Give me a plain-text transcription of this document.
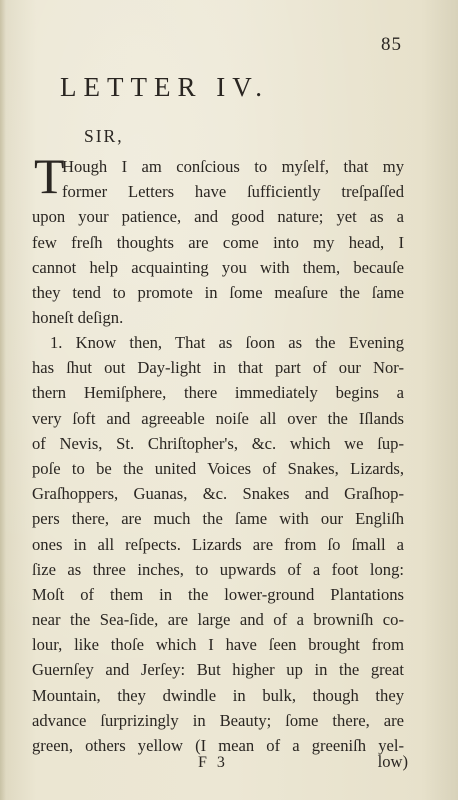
85
LETTER IV.
SIR,
T
Hough I am conſcious to myſelf, that my
former Letters have ſufficiently treſpaſſed
upon your patience, and good nature; yet as a
few freſh thoughts are come into my head, I
cannot help acquainting you with them, becauſe
they tend to promote in ſome meaſure the ſame
honeſt deſign.
1. Know then, That as ſoon as the Evening
has ſhut out Day-light in that part of our Nor-
thern Hemiſphere, there immediately begins a
very ſoft and agreeable noiſe all over the Iſlands
of Nevis, St. Chriſtopher's, &c. which we ſup-
poſe to be the united Voices of Snakes, Lizards,
Graſhoppers, Guanas, &c. Snakes and Graſhop-
pers there, are much the ſame with our Engliſh
ones in all reſpects. Lizards are from ſo ſmall a
ſize as three inches, to upwards of a foot long:
Moſt of them in the lower-ground Plantations
near the Sea-ſide, are large and of a browniſh co-
lour, like thoſe which I have ſeen brought from
Guernſey and Jerſey: But higher up in the great
Mountain, they dwindle in bulk, though they
advance ſurprizingly in Beauty; ſome there, are
green, others yellow (I mean of a greeniſh yel-
F 3	low)
